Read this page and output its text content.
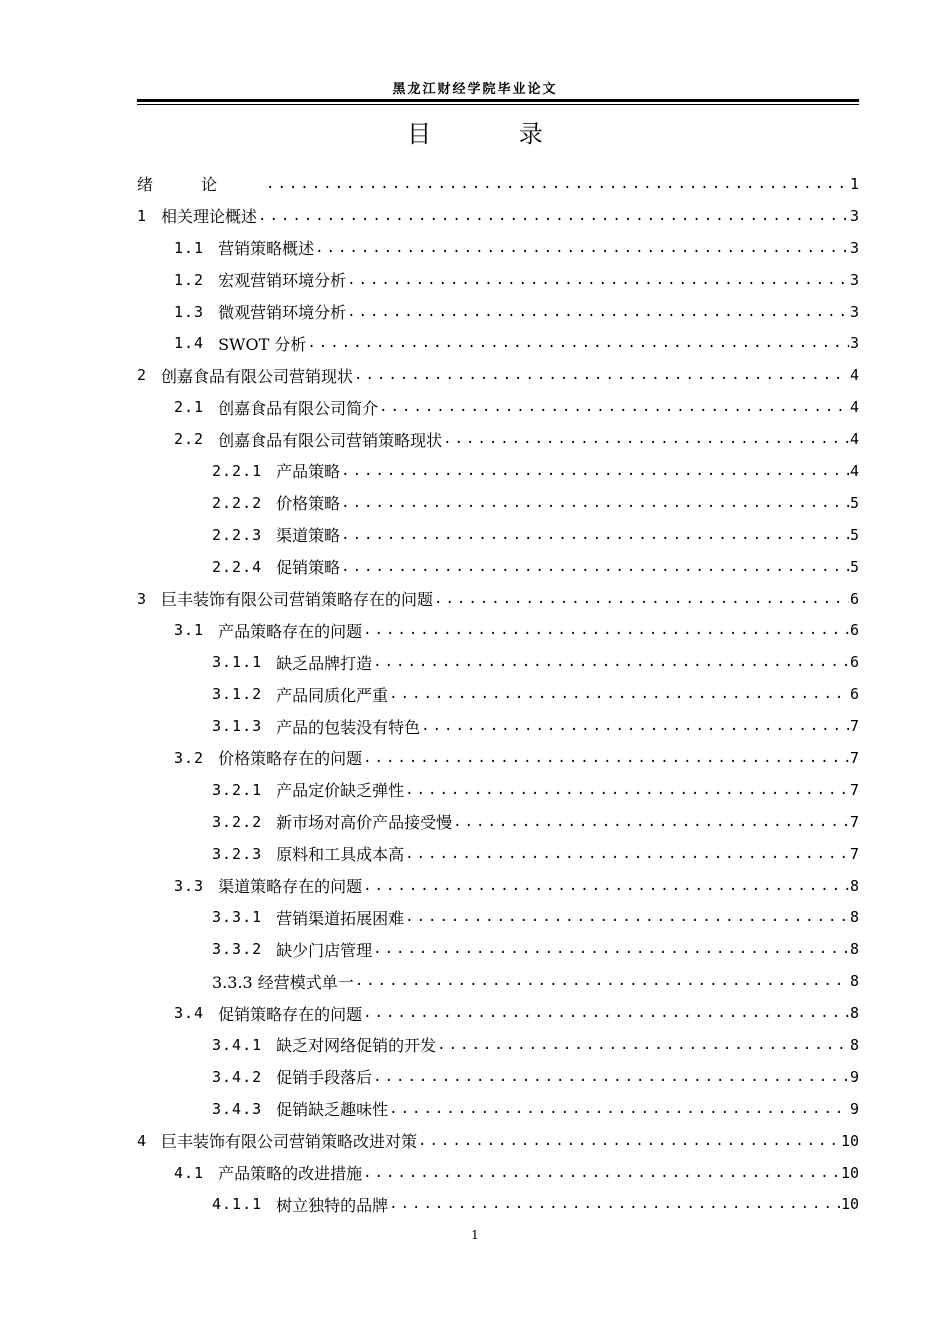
黑龙江财经学院毕业论文
目 录
绪论 .....	1
1 相关理论概述 .....	3
1.1 营销策略概述 .....	3
1.2 宏观营销环境分析 .....	3
1.3 微观营销环境分析 .....	3
1.4 SWOT 分析 .....	3
2 创嘉食品有限公司营销现状 .....	4
2.1 创嘉食品有限公司简介 .....	4
2.2 创嘉食品有限公司营销策略现状 .....	4
2.2.1 产品策略 .....	4
2.2.2 价格策略 .....	5
2.2.3 渠道策略 .....	5
2.2.4 促销策略 .....	5
3 巨丰装饰有限公司营销策略存在的问题 .....	6
3.1 产品策略存在的问题 .....	6
3.1.1 缺乏品牌打造 .....	6
3.1.2 产品同质化严重 .....	6
3.1.3 产品的包装没有特色 .....	7
3.2 价格策略存在的问题 .....	7
3.2.1 产品定价缺乏弹性 .....	7
3.2.2 新市场对高价产品接受慢 .....	7
3.2.3 原料和工具成本高 .....	7
3.3 渠道策略存在的问题 .....	8
3.3.1 营销渠道拓展困难 .....	8
3.3.2 缺少门店管理 .....	8
3.3.3 经营模式单一 .....	8
3.4 促销策略存在的问题 .....	8
3.4.1 缺乏对网络促销的开发 .....	8
3.4.2 促销手段落后 .....	9
3.4.3 促销缺乏趣味性 .....	9
4 巨丰装饰有限公司营销策略改进对策 .....	10
4.1 产品策略的改进措施 .....	10
4.1.1 树立独特的品牌 .....	10
1
